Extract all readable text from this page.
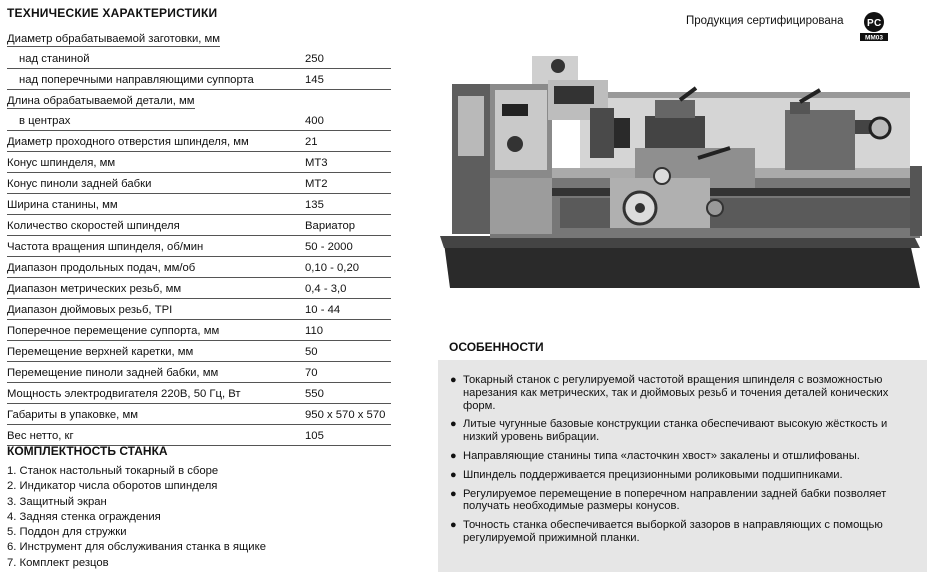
ТЕХНИЧЕСКИЕ ХАРАКТЕРИСТИКИ
Диаметр обрабатываемой заготовки, мм
над станиной	250
над поперечными направляющими суппорта	145
Длина обрабатываемой детали, мм
в центрах	400
Диаметр проходного отверстия шпинделя, мм	21
Конус шпинделя, мм	МТ3
Конус пиноли задней бабки	МТ2
Ширина станины, мм	135
Количество скоростей шпинделя	Вариатор
Частота вращения шпинделя, об/мин	50 - 2000
Диапазон продольных подач, мм/об	0,10 - 0,20
Диапазон метрических резьб, мм	0,4 - 3,0
Диапазон дюймовых резьб, TPI	10 - 44
Поперечное перемещение суппорта, мм	110
Перемещение верхней каретки, мм	50
Перемещение пиноли задней бабки, мм	70
Мощность электродвигателя 220В, 50 Гц, Вт	550
Габариты в упаковке, мм	950 x 570 x 570
Вес нетто, кг	105
КОМПЛЕКТНОСТЬ СТАНКА
1. Станок настольный токарный в сборе
2. Индикатор числа оборотов шпинделя
3. Защитный экран
4. Задняя стенка ограждения
5. Поддон для стружки
6. Инструмент для обслуживания станка в ящике
7. Комплект резцов
Продукция сертифицирована Р С
ММ03
ОСОБЕННОСТИ
● Токарный станок с регулируемой частотой вращения шпинделя с возможностью нарезания как метрических, так и дюймовых резьб и точения деталей конических форм.
● Литые чугунные базовые конструкции станка обеспечивают высокую жёсткость и низкий уровень вибрации.
● Направляющие станины типа «ласточкин хвост» закалены и отшлифованы.
● Шпиндель поддерживается прецизионными роликовыми подшипниками.
● Регулируемое перемещение в поперечном направлении задней бабки позволяет получать необходимые размеры конусов.
● Точность станка обеспечивается выборкой зазоров в направляющих с помощью регулируемой прижимной планки.
